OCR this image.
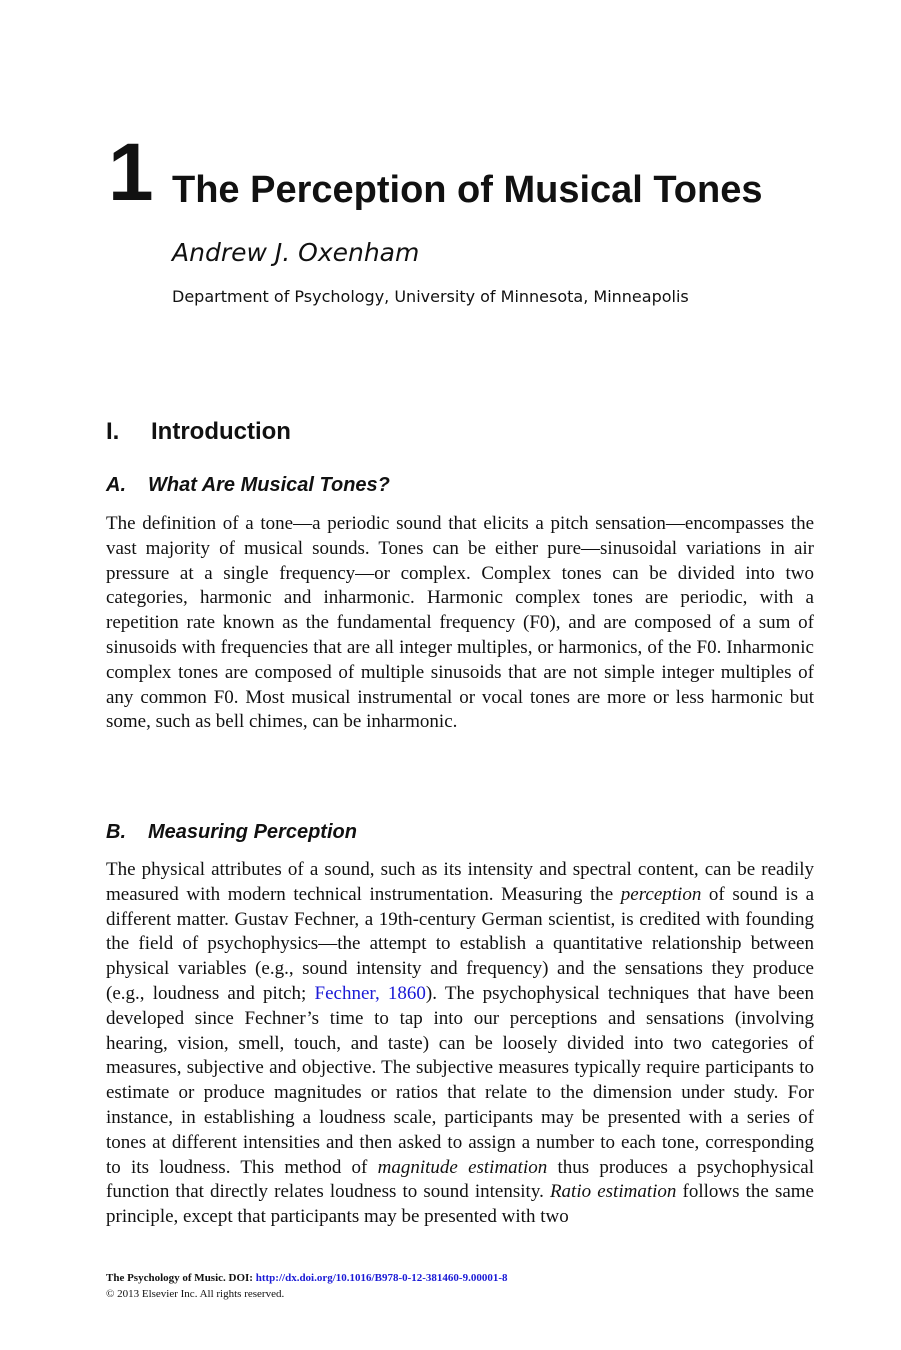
1 The Perception of Musical Tones
Andrew J. Oxenham
Department of Psychology, University of Minnesota, Minneapolis
I. Introduction
A. What Are Musical Tones?

The definition of a tone—a periodic sound that elicits a pitch sensation—encompasses the vast majority of musical sounds. Tones can be either pure—sinusoidal variations in air pressure at a single frequency—or complex. Complex tones can be divided into two categories, harmonic and inharmonic. Harmonic complex tones are periodic, with a repetition rate known as the fundamental frequency (F0), and are composed of a sum of sinusoids with frequencies that are all integer multiples, or harmonics, of the F0. Inharmonic complex tones are composed of multiple sinusoids that are not simple integer multiples of any common F0. Most musical instrumental or vocal tones are more or less harmonic but some, such as bell chimes, can be inharmonic.

B. Measuring Perception

The physical attributes of a sound, such as its intensity and spectral content, can be readily measured with modern technical instrumentation. Measuring the perception of sound is a different matter. Gustav Fechner, a 19th-century German scientist, is credited with founding the field of psychophysics—the attempt to establish a quantitative relationship between physical variables (e.g., sound intensity and frequency) and the sensations they produce (e.g., loudness and pitch; Fechner, 1860). The psychophysical techniques that have been developed since Fechner’s time to tap into our perceptions and sensations (involving hearing, vision, smell, touch, and taste) can be loosely divided into two categories of measures, subjective and objective. The subjective measures typically require participants to estimate or produce magnitudes or ratios that relate to the dimension under study. For instance, in establishing a loudness scale, participants may be presented with a series of tones at different intensities and then asked to assign a number to each tone, corresponding to its loudness. This method of magnitude estimation thus produces a psychophysical function that directly relates loudness to sound intensity. Ratio estimation follows the same principle, except that participants may be presented with two

The Psychology of Music. DOI: http://dx.doi.org/10.1016/B978-0-12-381460-9.00001-8
© 2013 Elsevier Inc. All rights reserved.
